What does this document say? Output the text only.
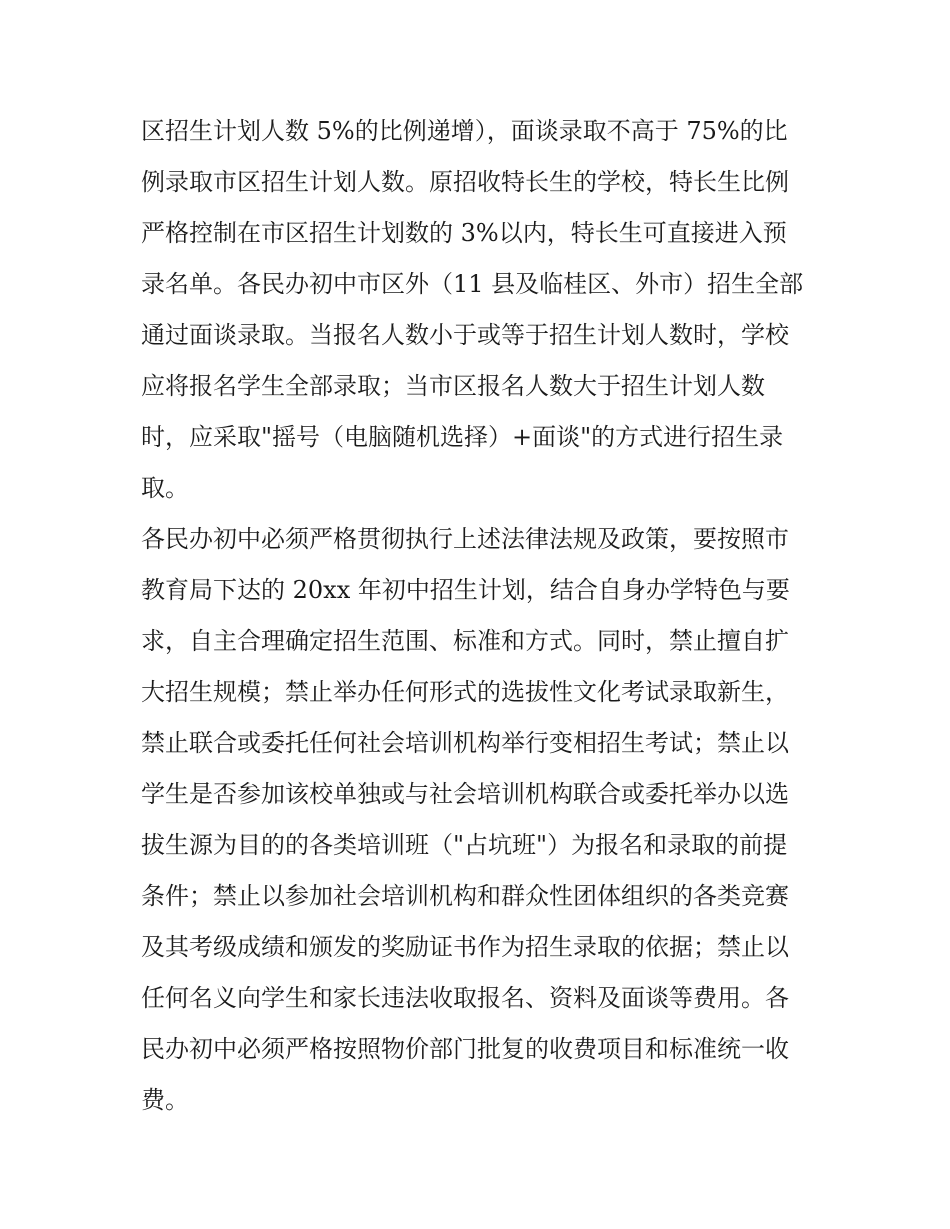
区招生计划人数 5%的比例递增），面谈录取不高于 75%的比
例录取市区招生计划人数。原招收特长生的学校，特长生比例
严格控制在市区招生计划数的 3%以内，特长生可直接进入预
录名单。各民办初中市区外（11 县及临桂区、外市）招生全部
通过面谈录取。当报名人数小于或等于招生计划人数时，学校
应将报名学生全部录取；当市区报名人数大于招生计划人数
时，应采取"摇号（电脑随机选择）+面谈"的方式进行招生录
取。
各民办初中必须严格贯彻执行上述法律法规及政策，要按照市
教育局下达的 20xx 年初中招生计划，结合自身办学特色与要
求，自主合理确定招生范围、标准和方式。同时，禁止擅自扩
大招生规模；禁止举办任何形式的选拔性文化考试录取新生，
禁止联合或委托任何社会培训机构举行变相招生考试；禁止以
学生是否参加该校单独或与社会培训机构联合或委托举办以选
拔生源为目的的各类培训班（"占坑班"）为报名和录取的前提
条件；禁止以参加社会培训机构和群众性团体组织的各类竞赛
及其考级成绩和颁发的奖励证书作为招生录取的依据；禁止以
任何名义向学生和家长违法收取报名、资料及面谈等费用。各
民办初中必须严格按照物价部门批复的收费项目和标准统一收
费。
